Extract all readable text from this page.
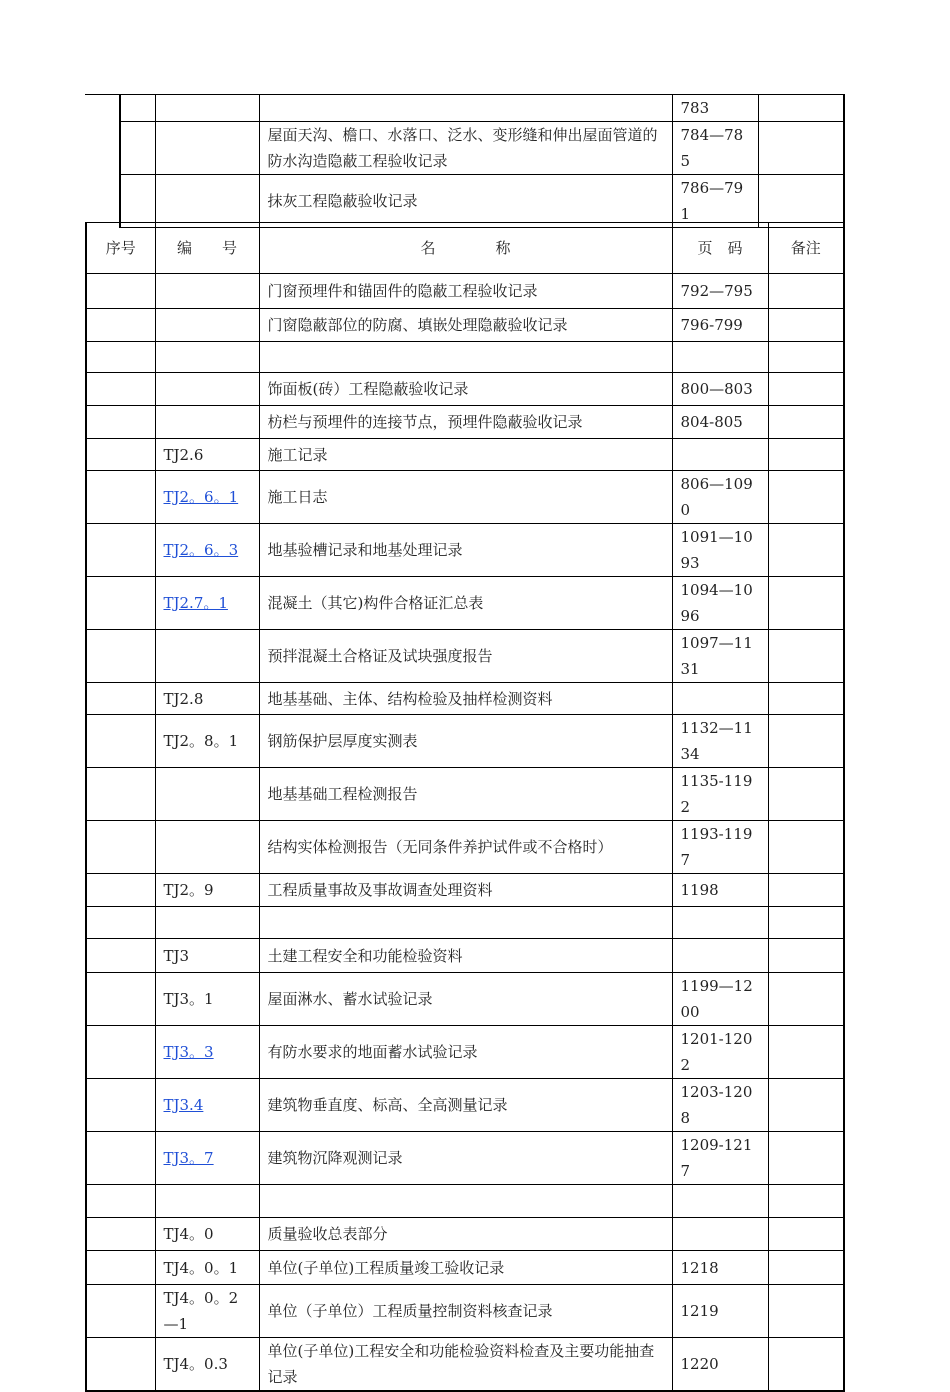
			783	
		屋面天沟、檐口、水落口、泛水、变形缝和伸出屋面管道的防水沟造隐蔽工程验收记录	784—785	
		抹灰工程隐蔽验收记录	786—791	
序号	编　　号	名　　　　称	页　码	备注
		门窗预埋件和锚固件的隐蔽工程验收记录	792—795	
		门窗隐蔽部位的防腐、填嵌处理隐蔽验收记录	796-799	

		饰面板(砖）工程隐蔽验收记录	800—803	
		枋栏与预埋件的连接节点，预埋件隐蔽验收记录	804-805	
	TJ2.6	施工记录		
	TJ2。6。1	施工日志	806—1090	
	TJ2。6。3	地基验槽记录和地基处理记录	1091—1093	
	TJ2.7。1	混凝土（其它)构件合格证汇总表	1094—1096	
		预拌混凝土合格证及试块强度报告	1097—1131	
	TJ2.8	地基基础、主体、结构检验及抽样检测资料		
	TJ2。8。1	钢筋保护层厚度实测表	1132—1134	
		地基基础工程检测报告	1135-1192	
		结构实体检测报告（无同条件养护试件或不合格时）	1193-1197	
	TJ2。9	工程质量事故及事故调查处理资料	1198	

	TJ3	土建工程安全和功能检验资料		
	TJ3。1	屋面淋水、蓄水试验记录	1199—1200	
	TJ3。3	有防水要求的地面蓄水试验记录	1201-1202	
	TJ3.4	建筑物垂直度、标高、全高测量记录	1203-1208	
	TJ3。7	建筑物沉降观测记录	1209-1217	

	TJ4。0	质量验收总表部分		
	TJ4。0。1	单位(子单位)工程质量竣工验收记录	1218	
	TJ4。0。2—1	单位（子单位）工程质量控制资料核查记录	1219	
	TJ4。0.3	单位(子单位)工程安全和功能检验资料检查及主要功能抽查记录	1220	
